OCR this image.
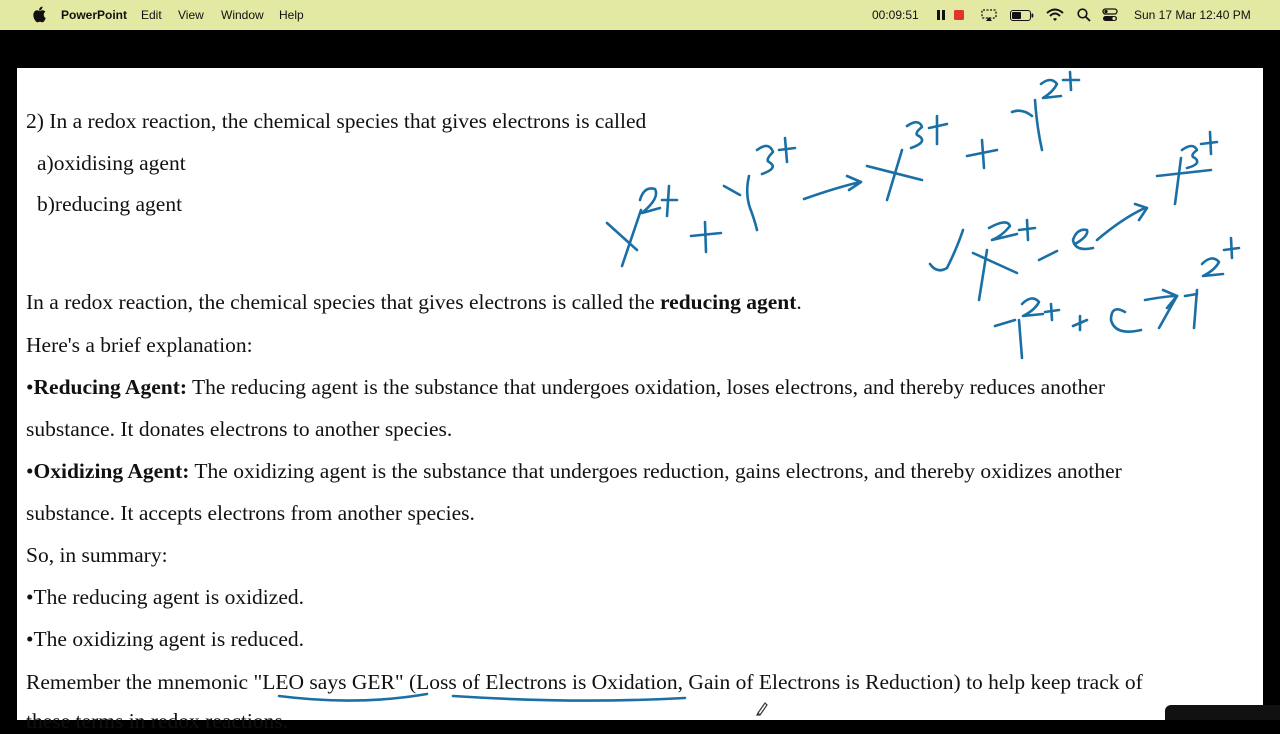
PowerPoint Edit View Window Help	00:09:51	Sun 17 Mar 12:40 PM
2) In a redox reaction, the chemical species that gives electrons is called
a)oxidising agent
b)reducing agent
In a redox reaction, the chemical species that gives electrons is called the reducing agent.
Here's a brief explanation:
•Reducing Agent: The reducing agent is the substance that undergoes oxidation, loses electrons, and thereby reduces another
substance. It donates electrons to another species.
•Oxidizing Agent: The oxidizing agent is the substance that undergoes reduction, gains electrons, and thereby oxidizes another
substance. It accepts electrons from another species.
So, in summary:
•The reducing agent is oxidized.
•The oxidizing agent is reduced.
Remember the mnemonic "LEO says GER" (Loss of Electrons is Oxidation, Gain of Electrons is Reduction) to help keep track of
these terms in redox reactions.
